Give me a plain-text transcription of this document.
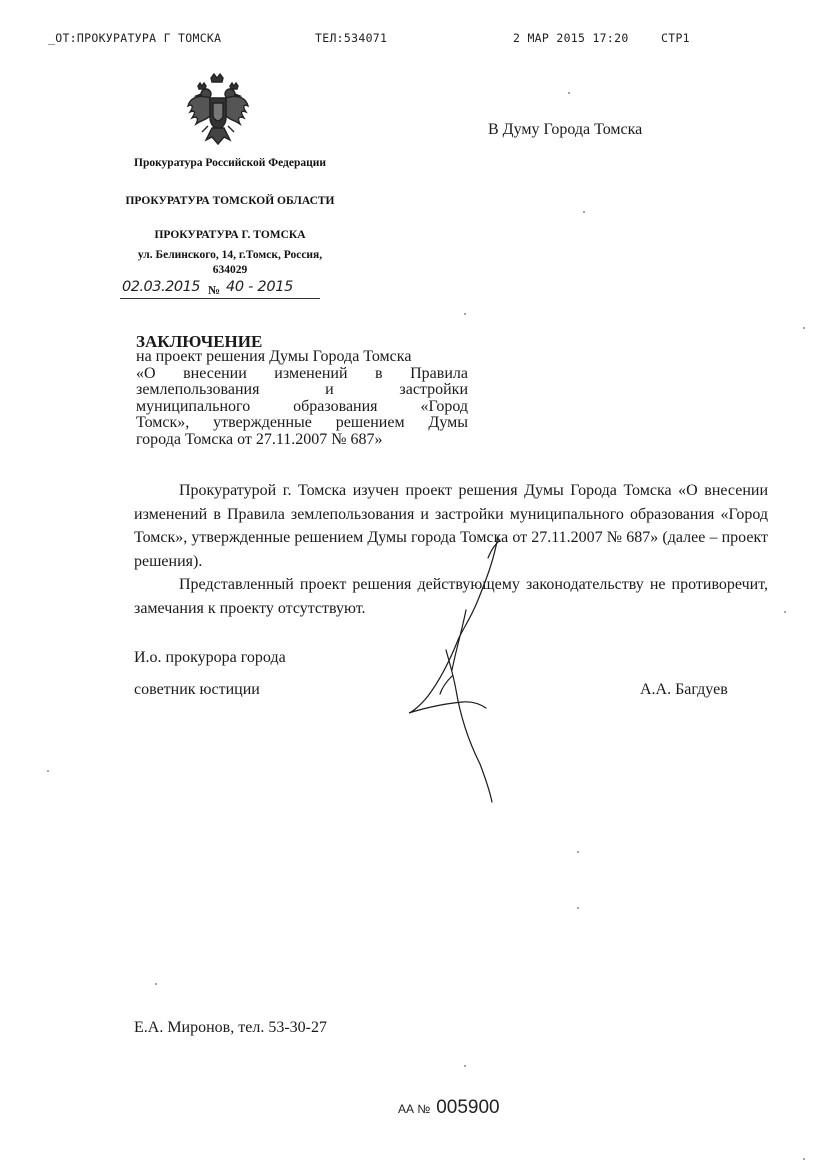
_ОТ:ПРОКУРАТУРА Г ТОМСКА	ТЕЛ:534071	2 МАР 2015 17:20	СТР1
Прокуратура Российской Федерации
ПРОКУРАТУРА ТОМСКОЙ ОБЛАСТИ
ПРОКУРАТУРА Г. ТОМСКА
ул. Белинского, 14, г.Томск, Россия, 634029
02.03.2015 № 40 - 2015
В Думу Города Томска
ЗАКЛЮЧЕНИЕ
на проект решения Думы Города Томска
«О внесении изменений в Правила
землепользования	и	застройки
муниципального	образования	«Город
Томск», утвержденные решением Думы
города Томска от 27.11.2007 № 687»

Прокуратурой г. Томска изучен проект решения Думы Города Томска «О внесении изменений в Правила землепользования и застройки муниципального образования «Город Томск», утвержденные решением Думы города Томска от 27.11.2007 № 687» (далее – проект решения).

Представленный проект решения действующему законодательству не противоречит, замечания к проекту отсутствуют.

И.о. прокурора города
советник юстиции	А.А. Багдуев
Е.А. Миронов, тел. 53-30-27
АА № 005900
